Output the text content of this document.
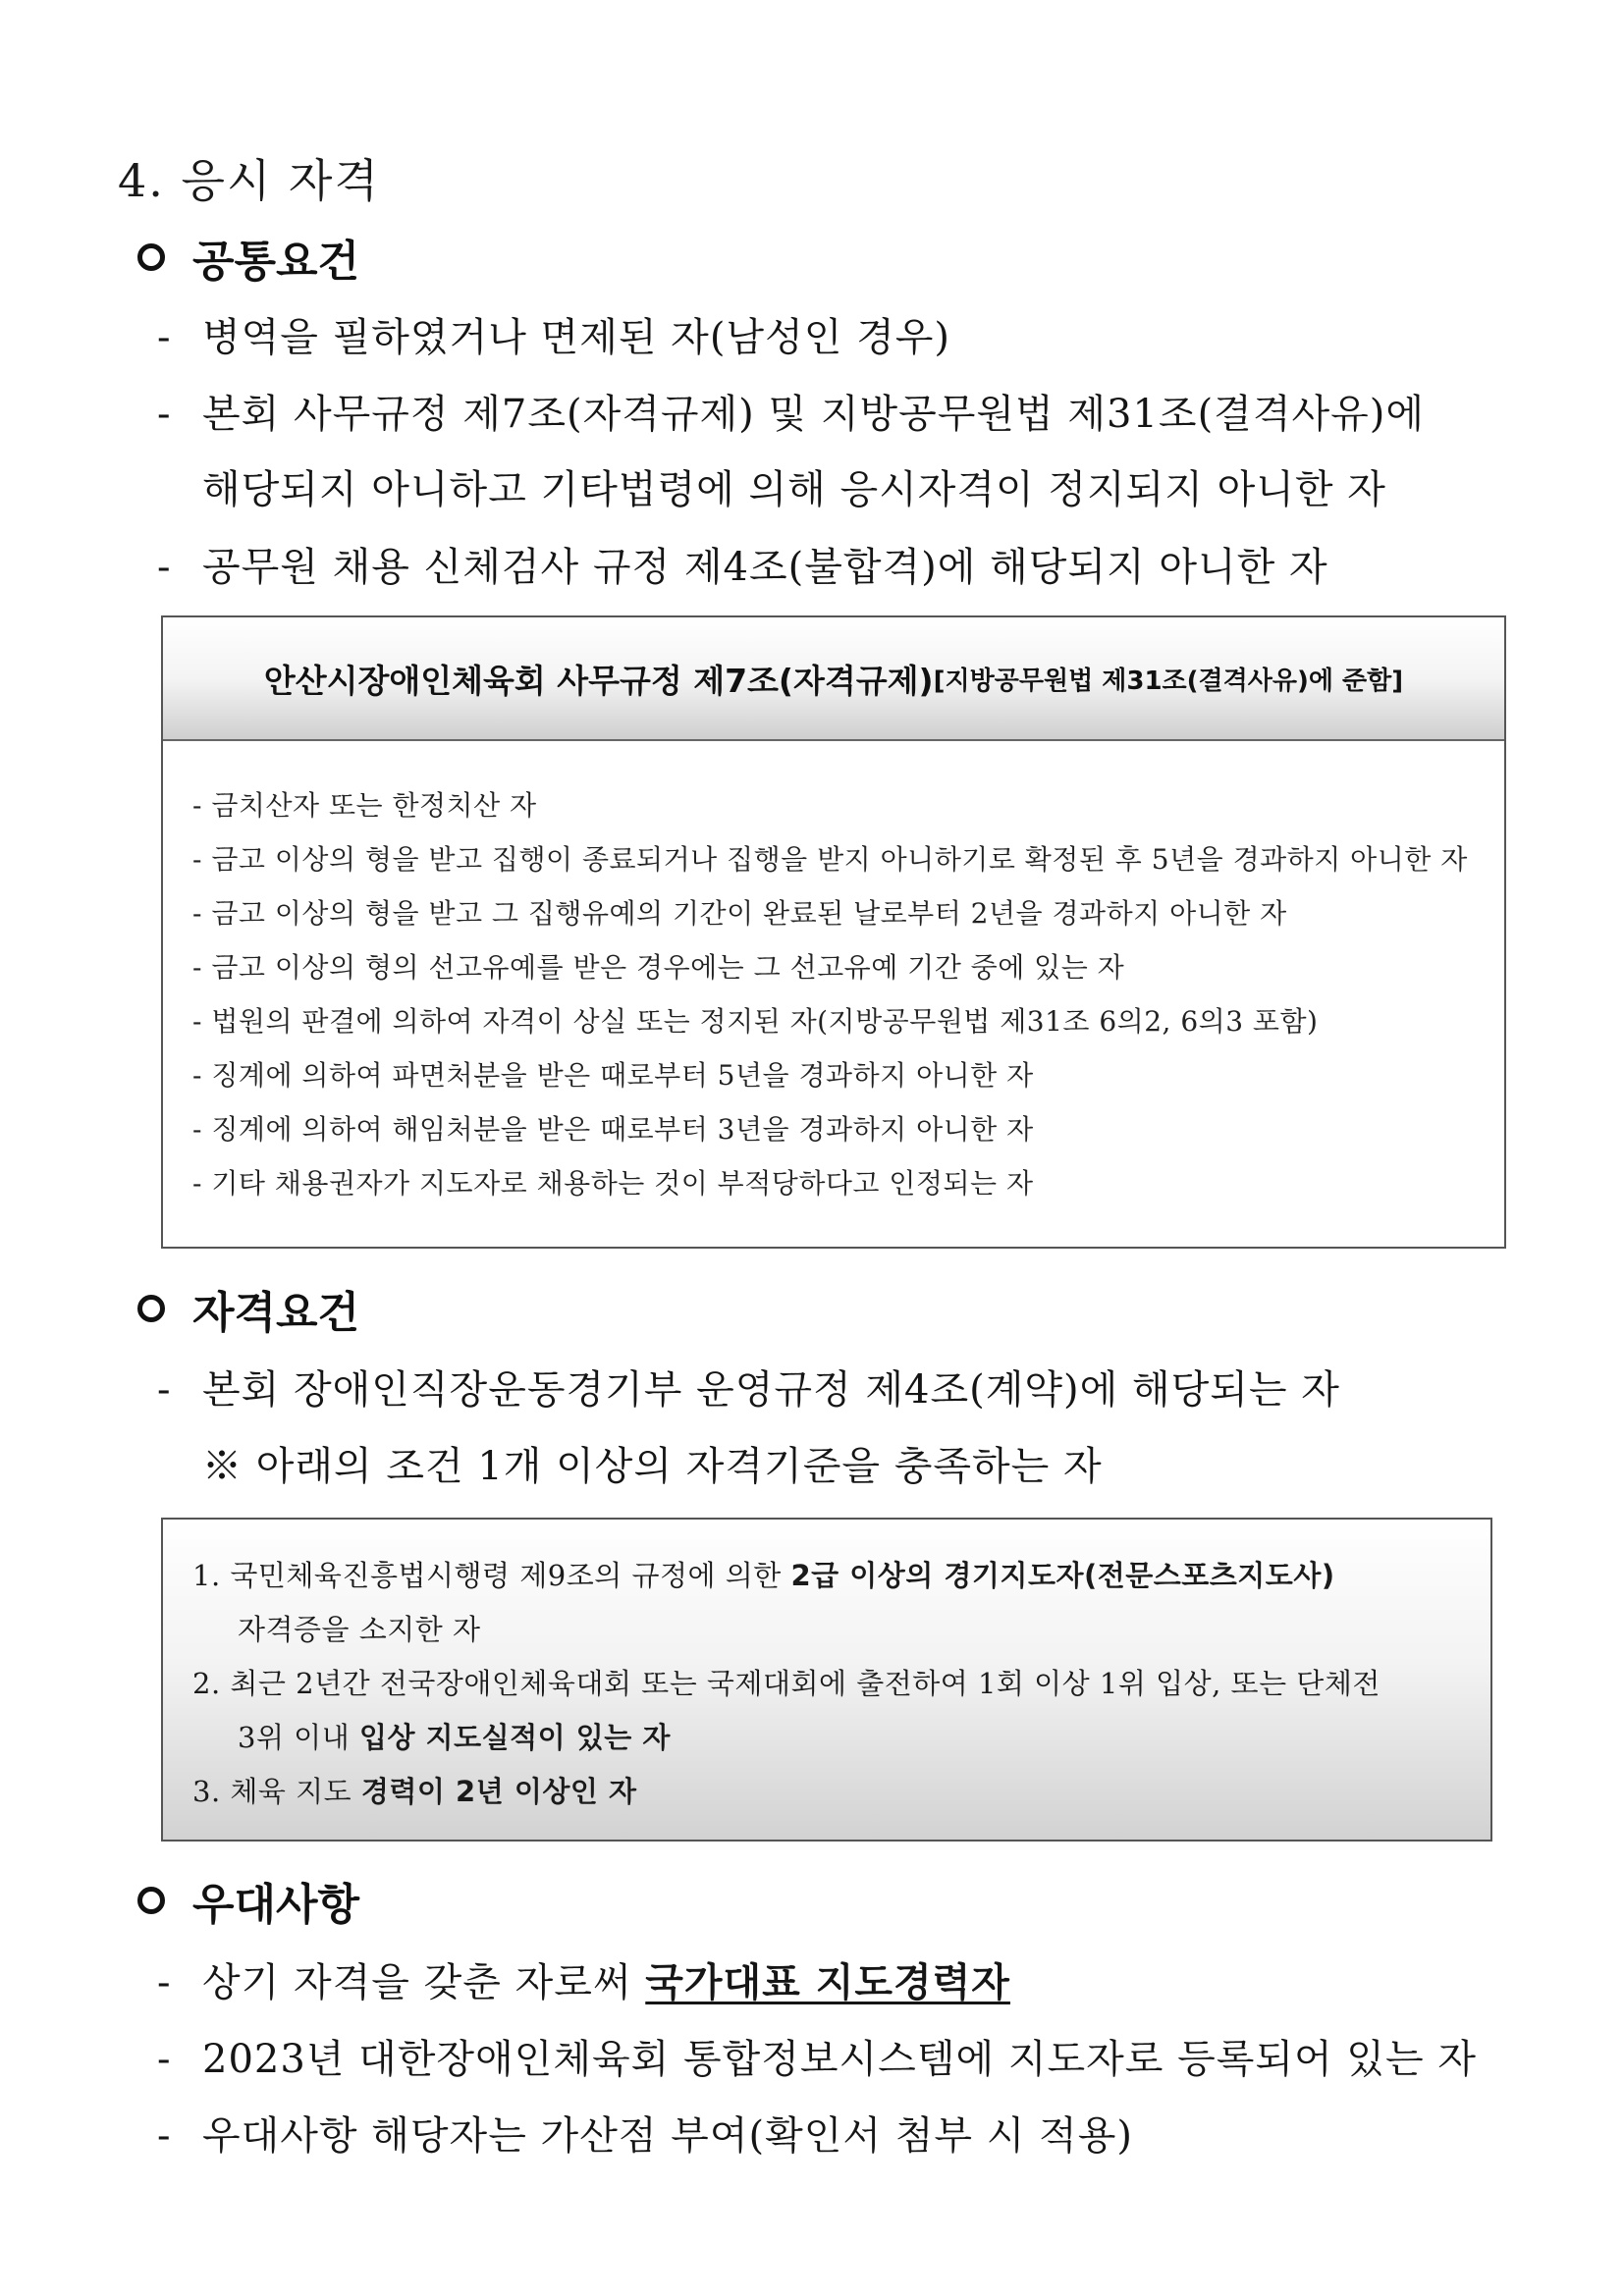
4. 응시 자격
공통요건
- 병역을 필하였거나 면제된 자(남성인 경우)
- 본회 사무규정 제7조(자격규제) 및 지방공무원법 제31조(결격사유)에
해당되지 아니하고 기타법령에 의해 응시자격이 정지되지 아니한 자
- 공무원 채용 신체검사 규정 제4조(불합격)에 해당되지 아니한 자
안산시장애인체육회 사무규정 제7조(자격규제) [지방공무원법 제31조(결격사유)에 준함]
- 금치산자 또는 한정치산 자
- 금고 이상의 형을 받고 집행이 종료되거나 집행을 받지 아니하기로 확정된 후 5년을 경과하지 아니한 자
- 금고 이상의 형을 받고 그 집행유예의 기간이 완료된 날로부터 2년을 경과하지 아니한 자
- 금고 이상의 형의 선고유예를 받은 경우에는 그 선고유예 기간 중에 있는 자
- 법원의 판결에 의하여 자격이 상실 또는 정지된 자(지방공무원법 제31조 6의2, 6의3 포함)
- 징계에 의하여 파면처분을 받은 때로부터 5년을 경과하지 아니한 자
- 징계에 의하여 해임처분을 받은 때로부터 3년을 경과하지 아니한 자
- 기타 채용권자가 지도자로 채용하는 것이 부적당하다고 인정되는 자
자격요건
- 본회 장애인직장운동경기부 운영규정 제4조(계약)에 해당되는 자
※ 아래의 조건 1개 이상의 자격기준을 충족하는 자
1. 국민체육진흥법시행령 제9조의 규정에 의한 2급 이상의 경기지도자(전문스포츠지도사)
자격증을 소지한 자
2. 최근 2년간 전국장애인체육대회 또는 국제대회에 출전하여 1회 이상 1위 입상, 또는 단체전
3위 이내 입상 지도실적이 있는 자
3. 체육 지도 경력이 2년 이상인 자
우대사항
- 상기 자격을 갖춘 자로써 국가대표 지도경력자
- 2023년 대한장애인체육회 통합정보시스템에 지도자로 등록되어 있는 자
- 우대사항 해당자는 가산점 부여(확인서 첨부 시 적용)
